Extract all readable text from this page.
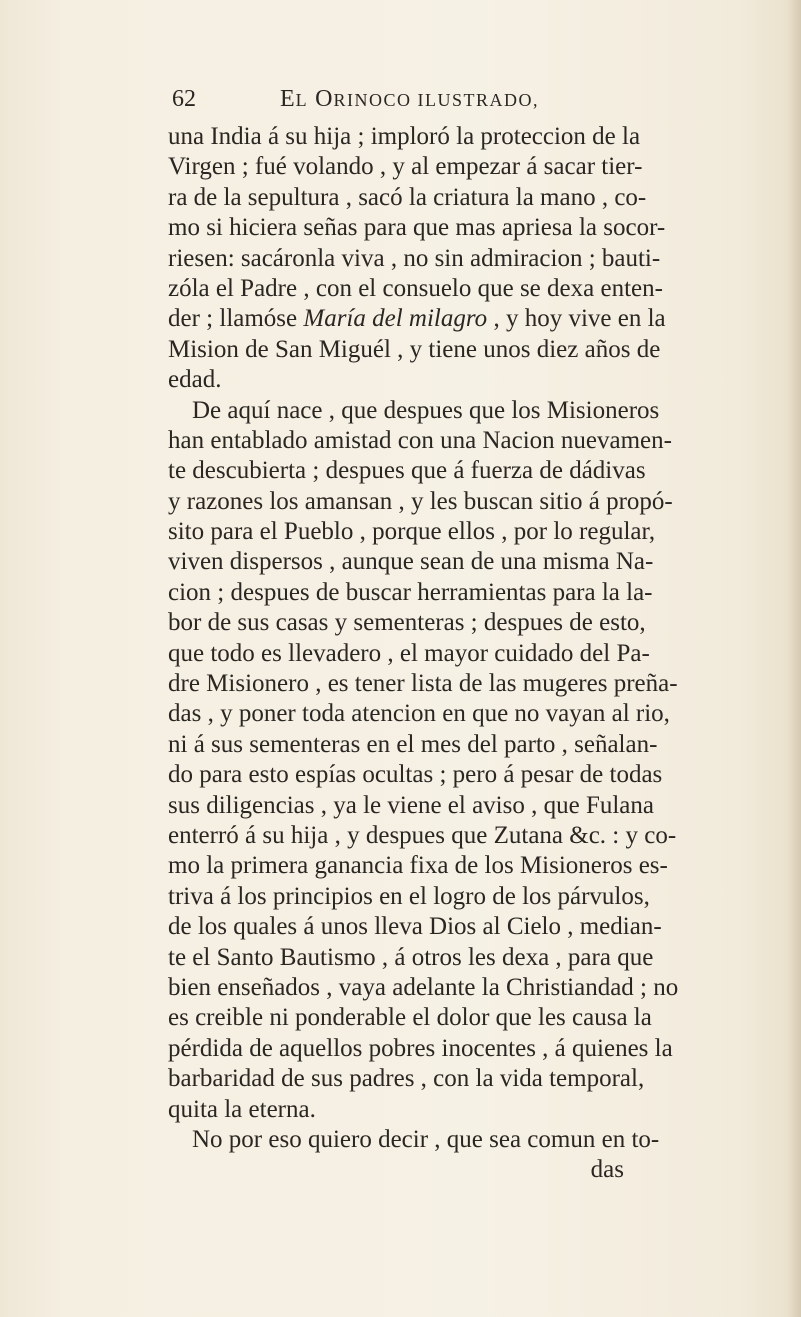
62	EL ORINOCO ILUSTRADO,
una India á su hija ; imploró la proteccion de la
Virgen ; fué volando , y al empezar á sacar tier-
ra de la sepultura , sacó la criatura la mano , co-
mo si hiciera señas para que mas apriesa la socor-
riesen: sacáronla viva , no sin admiracion ; bauti-
zóla el Padre , con el consuelo que se dexa enten-
der ; llamóse María del milagro , y hoy vive en la
Mision de San Miguél , y tiene unos diez años de
edad.
De aquí nace , que despues que los Misioneros
han entablado amistad con una Nacion nuevamen-
te descubierta ; despues que á fuerza de dádivas
y razones los amansan , y les buscan sitio á propó-
sito para el Pueblo , porque ellos , por lo regular,
viven dispersos , aunque sean de una misma Na-
cion ; despues de buscar herramientas para la la-
bor de sus casas y sementeras ; despues de esto,
que todo es llevadero , el mayor cuidado del Pa-
dre Misionero , es tener lista de las mugeres preña-
das , y poner toda atencion en que no vayan al rio,
ni á sus sementeras en el mes del parto , señalan-
do para esto espías ocultas ; pero á pesar de todas
sus diligencias , ya le viene el aviso , que Fulana
enterró á su hija , y despues que Zutana &c. : y co-
mo la primera ganancia fixa de los Misioneros es-
triva á los principios en el logro de los párvulos,
de los quales á unos lleva Dios al Cielo , median-
te el Santo Bautismo , á otros les dexa , para que
bien enseñados , vaya adelante la Christiandad ; no
es creible ni ponderable el dolor que les causa la
pérdida de aquellos pobres inocentes , á quienes la
barbaridad de sus padres , con la vida temporal,
quita la eterna.
No por eso quiero decir , que sea comun en to-
das
